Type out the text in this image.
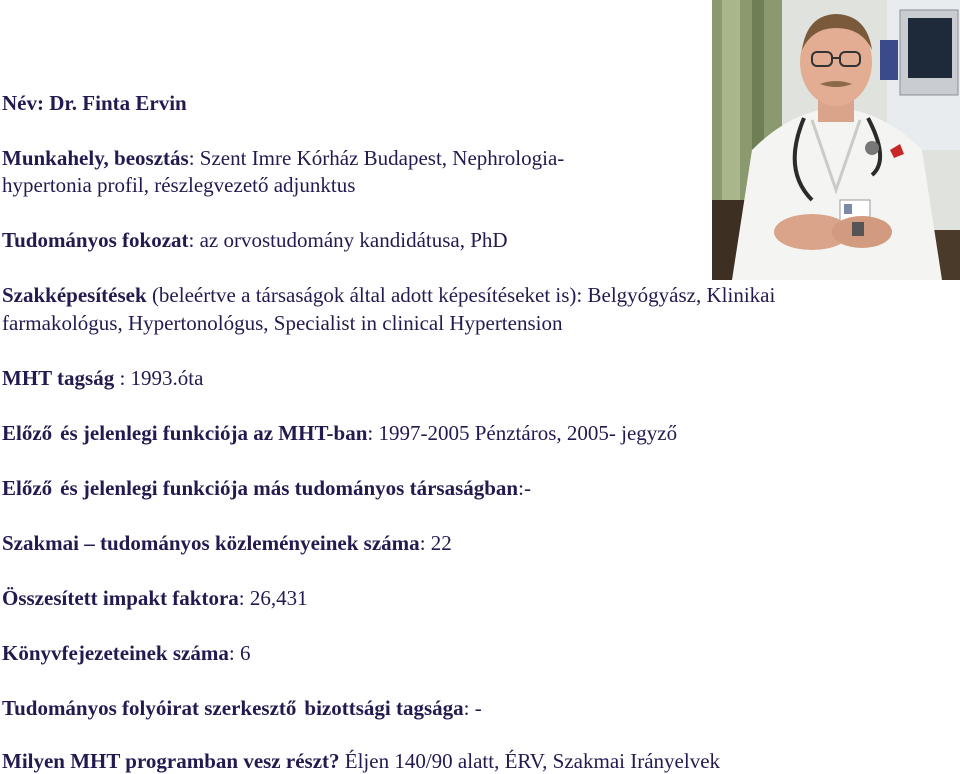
Név: Dr. Finta Ervin
Munkahely, beosztás: Szent Imre Kórház Budapest, Nephrologia-
hypertonia profil, részlegvezető adjunktus
Tudományos fokozat: az orvostudomány kandidátusa, PhD
Szakképesítések (beleértve a társaságok által adott képesítéseket is): Belgyógyász, Klinikai
farmakológus, Hypertonológus, Specialist in clinical Hypertension
MHT tagság : 1993.óta
Előző és jelenlegi funkciója az MHT-ban: 1997-2005 Pénztáros, 2005- jegyző
Előző és jelenlegi funkciója más tudományos társaságban:-
Szakmai – tudományos közleményeinek száma: 22
Összesített impakt faktora: 26,431
Könyvfejezeteinek száma: 6
Tudományos folyóirat szerkesztő bizottsági tagsága: -
Milyen MHT programban vesz részt? Éljen 140/90 alatt, ÉRV, Szakmai Irányelvek
